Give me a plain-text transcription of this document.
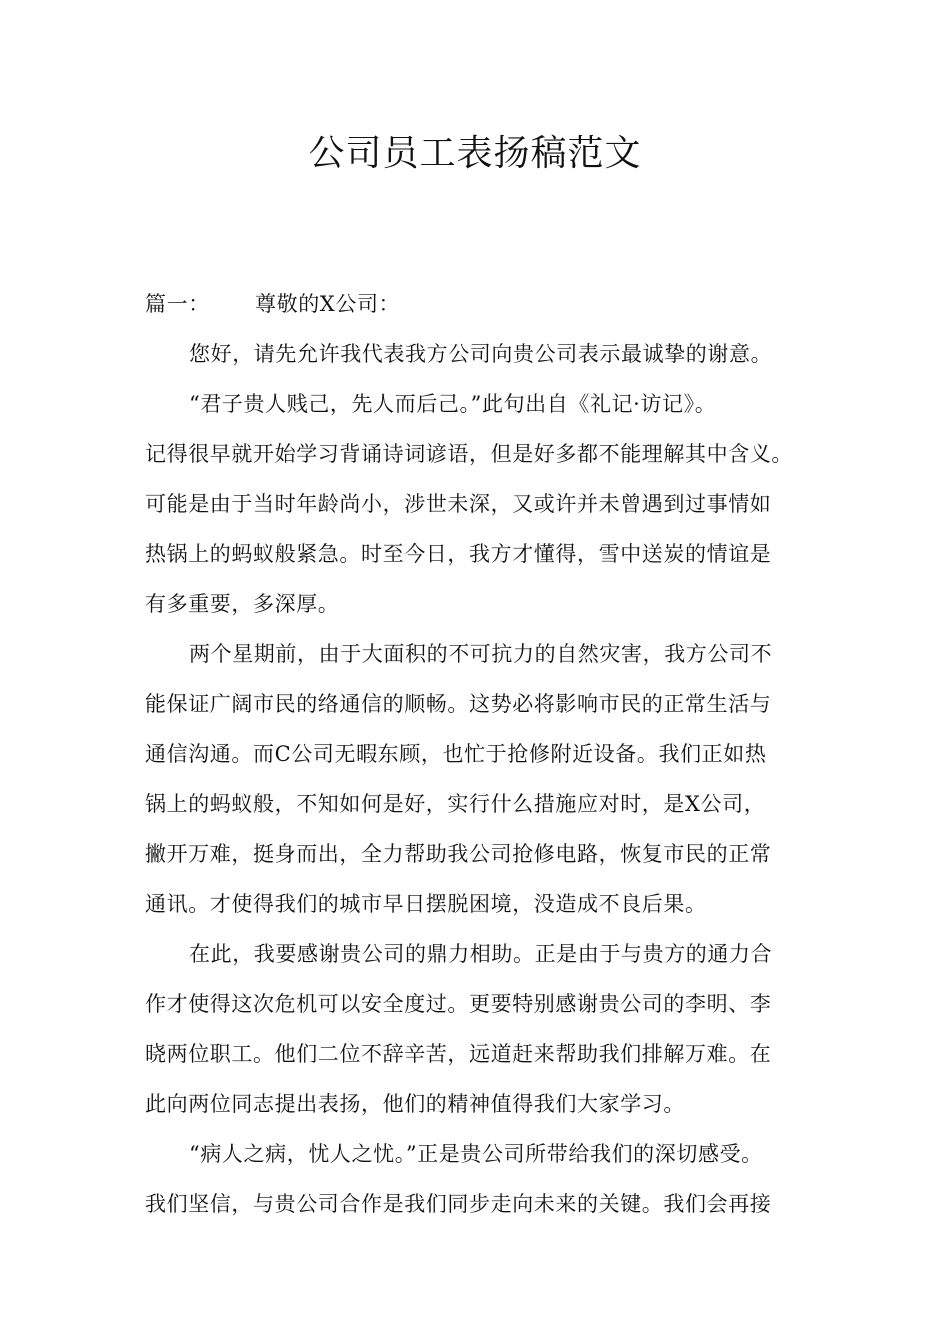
公司员工表扬稿范文
篇一： 尊敬的X公司：
您好，请先允许我代表我方公司向贵公司表示最诚挚的谢意。
“君子贵人贱己，先人而后己。”此句出自《礼记·访记》。
记得很早就开始学习背诵诗词谚语，但是好多都不能理解其中含义。
可能是由于当时年龄尚小，涉世未深，又或许并未曾遇到过事情如
热锅上的蚂蚁般紧急。时至今日，我方才懂得，雪中送炭的情谊是
有多重要，多深厚。
两个星期前，由于大面积的不可抗力的自然灾害，我方公司不
能保证广阔市民的络通信的顺畅。这势必将影响市民的正常生活与
通信沟通。而C公司无暇东顾，也忙于抢修附近设备。我们正如热
锅上的蚂蚁般，不知如何是好，实行什么措施应对时，是X公司，
撇开万难，挺身而出，全力帮助我公司抢修电路，恢复市民的正常
通讯。才使得我们的城市早日摆脱困境，没造成不良后果。
在此，我要感谢贵公司的鼎力相助。正是由于与贵方的通力合
作才使得这次危机可以安全度过。更要特别感谢贵公司的李明、李
晓两位职工。他们二位不辞辛苦，远道赶来帮助我们排解万难。在
此向两位同志提出表扬，他们的精神值得我们大家学习。
“病人之病，忧人之忧。”正是贵公司所带给我们的深切感受。
我们坚信，与贵公司合作是我们同步走向未来的关键。我们会再接
